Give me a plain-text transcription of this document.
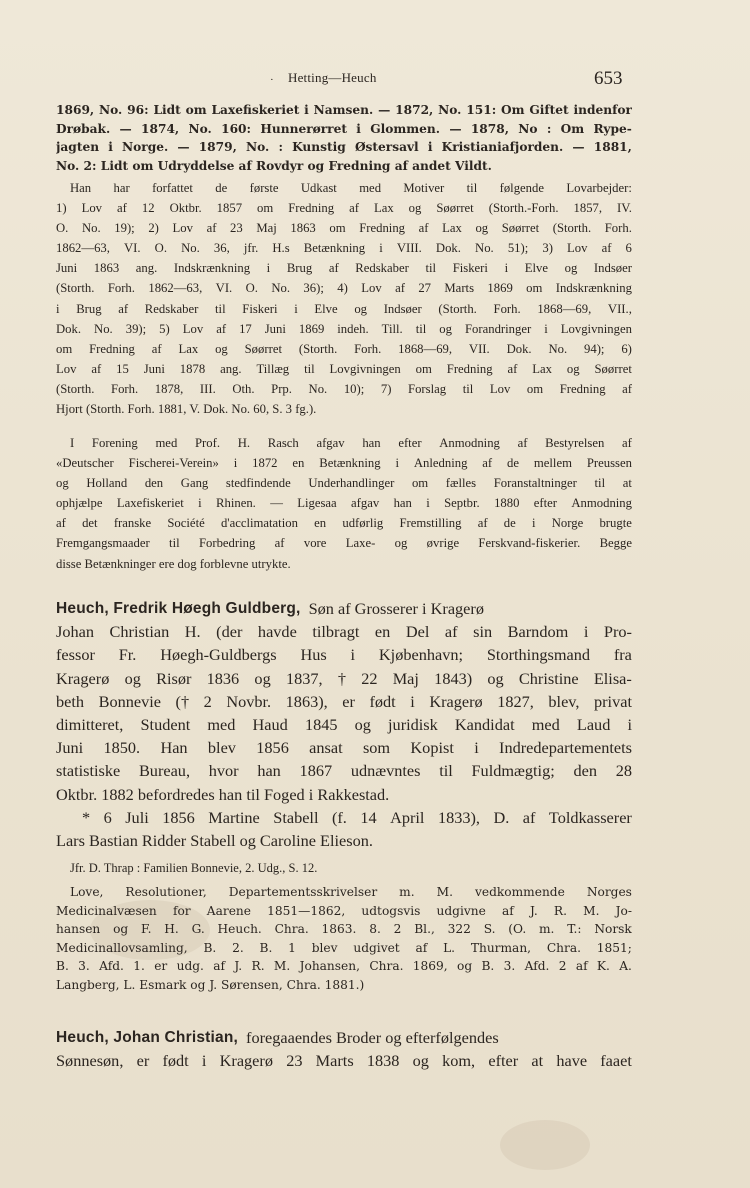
· Hetting—Heuch	653
1869, No. 96: Lidt om Laxefiskeriet i Namsen. — 1872, No. 151: Om Giftet indenfor
Drøbak. — 1874, No. 160: Hunnerørret i Glommen. — 1878, No : Om Rype-
jagten i Norge. — 1879, No. : Kunstig Østersavl i Kristianiafjorden. — 1881,
No. 2: Lidt om Udryddelse af Rovdyr og Fredning af andet Vildt.
Han har forfattet de første Udkast med Motiver til følgende Lovarbejder:
1) Lov af 12 Oktbr. 1857 om Fredning af Lax og Søørret (Storth.-Forh. 1857, IV.
O. No. 19); 2) Lov af 23 Maj 1863 om Fredning af Lax og Søørret (Storth. Forh.
1862—63, VI. O. No. 36, jfr. H.s Betænkning i VIII. Dok. No. 51); 3) Lov af 6
Juni 1863 ang. Indskrænkning i Brug af Redskaber til Fiskeri i Elve og Indsøer
(Storth. Forh. 1862—63, VI. O. No. 36); 4) Lov af 27 Marts 1869 om Indskrænkning
i Brug af Redskaber til Fiskeri i Elve og Indsøer (Storth. Forh. 1868—69, VII.,
Dok. No. 39); 5) Lov af 17 Juni 1869 indeh. Till. til og Forandringer i Lovgivningen
om Fredning af Lax og Søørret (Storth. Forh. 1868—69, VII. Dok. No. 94); 6)
Lov af 15 Juni 1878 ang. Tillæg til Lovgivningen om Fredning af Lax og Søørret
(Storth. Forh. 1878, III. Oth. Prp. No. 10); 7) Forslag til Lov om Fredning af
Hjort (Storth. Forh. 1881, V. Dok. No. 60, S. 3 fg.).
I Forening med Prof. H. Rasch afgav han efter Anmodning af Bestyrelsen af
«Deutscher Fischerei-Verein» i 1872 en Betænkning i Anledning af de mellem Preussen
og Holland den Gang stedfindende Underhandlinger om fælles Foranstaltninger til at
ophjælpe Laxefiskeriet i Rhinen. — Ligesaa afgav han i Septbr. 1880 efter Anmodning
af det franske Société d'acclimatation en udførlig Fremstilling af de i Norge brugte
Fremgangsmaader til Forbedring af vore Laxe- og øvrige Ferskvand-fiskerier. Begge
disse Betænkninger ere dog forblevne utrykte.
Heuch, Fredrik Høegh Guldberg, Søn af Grosserer i Kragerø
Johan Christian H. (der havde tilbragt en Del af sin Barndom i Pro-
fessor Fr. Høegh-Guldbergs Hus i Kjøbenhavn; Storthingsmand fra
Kragerø og Risør 1836 og 1837, † 22 Maj 1843) og Christine Elisa-
beth Bonnevie († 2 Novbr. 1863), er født i Kragerø 1827, blev, privat
dimitteret, Student med Haud 1845 og juridisk Kandidat med Laud i
Juni 1850. Han blev 1856 ansat som Kopist i Indredepartementets
statistiske Bureau, hvor han 1867 udnævntes til Fuldmægtig; den 28
Oktbr. 1882 befordredes han til Foged i Rakkestad.
* 6 Juli 1856 Martine Stabell (f. 14 April 1833), D. af Toldkasserer
Lars Bastian Ridder Stabell og Caroline Elieson.
Jfr. D. Thrap : Familien Bonnevie, 2. Udg., S. 12.
Love, Resolutioner, Departementsskrivelser m. M. vedkommende Norges
Medicinalvæsen for Aarene 1851—1862, udtogsvis udgivne af J. R. M. Jo-
hansen og F. H. G. Heuch. Chra. 1863. 8. 2 Bl., 322 S. (O. m. T.: Norsk
Medicinallovsamling, B. 2. B. 1 blev udgivet af L. Thurman, Chra. 1851;
B. 3. Afd. 1. er udg. af J. R. M. Johansen, Chra. 1869, og B. 3. Afd. 2 af K. A.
Langberg, L. Esmark og J. Sørensen, Chra. 1881.)
Heuch, Johan Christian, foregaaendes Broder og efterfølgendes
Sønnesøn, er født i Kragerø 23 Marts 1838 og kom, efter at have faaet
